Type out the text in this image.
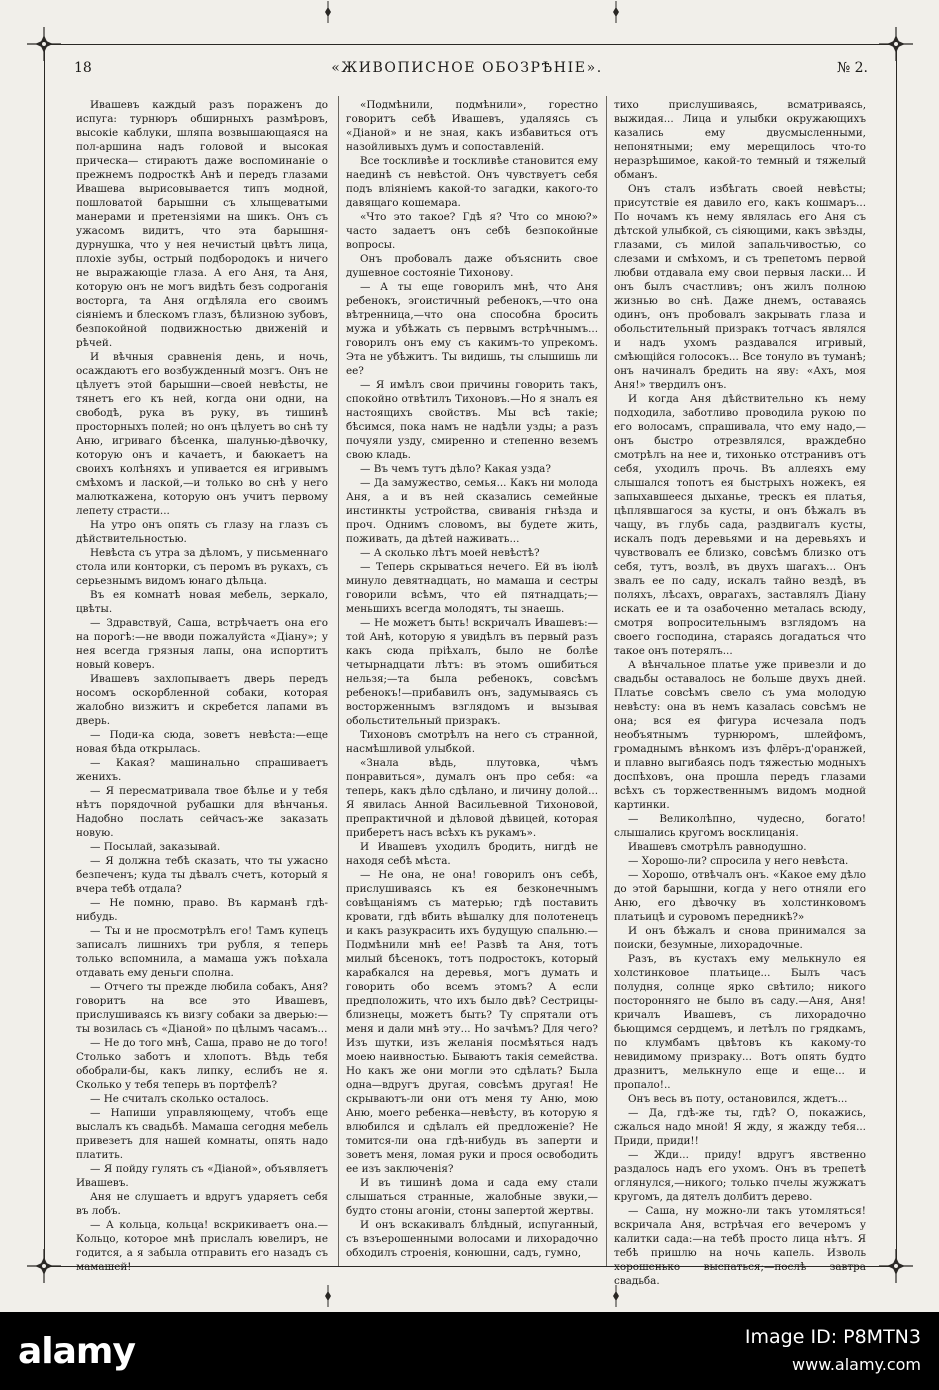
18	«ЖИВОПИСНОЕ ОБОЗРѢНІЕ».	№ 2.

Ивашевъ каждый разъ пораженъ до испуга: турнюръ обширныхъ размѣровъ, высокіе каблуки, шляпа возвышающаяся на пол-аршина надъ головой и высокая прическа— стираютъ даже воспоминаніе о прежнемъ подросткѣ Анѣ и передъ глазами Ивашева вырисовывается типъ модной, пошловатой барышни съ хлыщеватыми манерами и претензіями на шикъ. Онъ съ ужасомъ видитъ, что эта барышня-дурнушка, что у нея нечистый цвѣтъ лица, плохіе зубы, острый подбородокъ и ничего не выражающіе глаза. А его Аня, та Аня, которую онъ не могъ видѣть безъ содроганія восторга, та Аня огдѣляла его своимъ сіяніемъ и блескомъ глазъ, бѣлизною зубовъ, безпокойной подвижностью движеній и рѣчей.

И вѣчныя сравненія день, и ночь, осаждаютъ его возбужденный мозгъ. Онъ не цѣлуетъ этой барышни—своей невѣсты, не тянетъ его къ ней, когда они одни, на свободѣ, рука въ руку, въ тишинѣ просторныхъ полей; но онъ цѣлуетъ во снѣ ту Аню, игриваго бѣсенка, шалунью-дѣвочку, которую онъ и качаетъ, и баюкаетъ на своихъ колѣняхъ и упивается ея игривымъ смѣхомъ и лаской,—и только во снѣ у него малюткажена, которую онъ учитъ первому лепету страсти...

На утро онъ опять съ глазу на глазъ съ дѣйствительностью.

Невѣста съ утра за дѣломъ, у письменнаго стола или конторки, съ перомъ въ рукахъ, съ серьезнымъ видомъ юнаго дѣльца.

Въ ея комнатѣ новая мебель, зеркало, цвѣты.

— Здравствуй, Саша, встрѣчаетъ она его на порогѣ:—не вводи пожалуйста «Діану»; у нея всегда грязныя лапы, она испортитъ новый коверъ.

Ивашевъ захлопываетъ дверь передъ носомъ оскорбленной собаки, которая жалобно визжитъ и скребется лапами въ дверь.

— Поди-ка сюда, зоветъ невѣста:—еще новая бѣда открылась.

— Какая? машинально спрашиваетъ женихъ.

— Я пересматривала твое бѣлье и у тебя нѣтъ порядочной рубашки для вѣнчанья. Надобно послать сейчасъ-же заказать новую.

— Посылай, заказывай.

— Я должна тебѣ сказать, что ты ужасно безпеченъ; куда ты дѣвалъ счетъ, который я вчера тебѣ отдала?

— Не помню, право. Въ карманѣ гдѣ-нибудь.

— Ты и не просмотрѣлъ его! Тамъ купецъ записалъ лишнихъ три рубля, я теперь только вспомнила, а мамаша ужъ поѣхала отдавать ему деньги сполна.

— Отчего ты прежде любила собакъ, Аня? говоритъ на все это Ивашевъ, прислушиваясь къ визгу собаки за дверью:—ты возилась съ «Діаной» по цѣлымъ часамъ...

— Не до того мнѣ, Саша, право не до того! Столько заботъ и хлопотъ. Вѣдь тебя обобрали-бы, какъ липку, еслибъ не я. Сколько у тебя теперь въ портфелѣ?

— Не считалъ сколько осталось.

— Напиши управляющему, чтобъ еще выслалъ къ свадьбѣ. Мамаша сегодня мебель привезетъ для нашей комнаты, опять надо платить.

— Я пойду гулять съ «Діаной», объявляетъ Ивашевъ.

Аня не слушаетъ и вдругъ ударяетъ себя въ лобъ.

— А кольца, кольца! вскрикиваетъ она.— Кольцо, которое мнѣ прислалъ ювелиръ, не годится, а я забыла отправить его назадъ съ мамашей!

«Подмѣнили, подмѣнили», горестно говоритъ себѣ Ивашевъ, удаляясь съ «Діаной» и не зная, какъ избавиться отъ назойливыхъ думъ и сопоставленій.

Все тоскливѣе и тоскливѣе становится ему наединѣ съ невѣстой. Онъ чувствуетъ себя подъ вліяніемъ какой-то загадки, какого-то давящаго кошемара.

«Что это такое? Гдѣ я? Что со мною?» часто задаетъ онъ себѣ безпокойные вопросы.

Онъ пробовалъ даже объяснить свое душевное состояніе Тихонову.

— А ты еще говорилъ мнѣ, что Аня ребенокъ, эгоистичный ребенокъ,—что она вѣтренница,—что она способна бросить мужа и убѣжать съ первымъ встрѣчнымъ... говорилъ онъ ему съ какимъ-то упрекомъ. Эта не убѣжитъ. Ты видишь, ты слышишь ли ее?

— Я имѣлъ свои причины говорить такъ, спокойно отвѣтилъ Тихоновъ.—Но я зналъ ея настоящихъ свойствъ. Мы всѣ такіе; бѣсимся, пока намъ не надѣли узды; а разъ почуяли узду, смиренно и степенно веземъ свою кладь.

— Въ чемъ тутъ дѣло? Какая узда?

— Да замужество, семья... Какъ ни молода Аня, а и въ ней сказались семейные инстинкты устройства, свиванія гнѣзда и проч. Однимъ словомъ, вы будете жить, поживать, да дѣтей наживать...

— А сколько лѣтъ моей невѣстѣ?

— Теперь скрываться нечего. Ей въ іюлѣ минуло девятнадцать, но мамаша и сестры говорили всѣмъ, что ей пятнадцать;—меньшихъ всегда молодятъ, ты знаешь.

— Не можетъ быть! вскричалъ Ивашевъ:— той Анѣ, которую я увидѣлъ въ первый разъ какъ сюда пріѣхалъ, было не болѣе четырнадцати лѣтъ: въ этомъ ошибиться нельзя;—та была ребенокъ, совсѣмъ ребенокъ!—прибавилъ онъ, задумываясь съ восторженнымъ взглядомъ и вызывая обольстительный призракъ.

Тихоновъ смотрѣлъ на него съ странной, насмѣшливой улыбкой.

«Знала вѣдь, плутовка, чѣмъ понравиться», думалъ онъ про себя: «а теперь, какъ дѣло сдѣлано, и личину долой... Я явилась Анной Васильевной Тихоновой, препрактичной и дѣловой дѣвицей, которая приберетъ насъ всѣхъ къ рукамъ».

И Ивашевъ уходилъ бродить, нигдѣ не находя себѣ мѣста.

— Не она, не она! говорилъ онъ себѣ, прислушиваясь къ ея безконечнымъ совѣщаніямъ съ матерью; гдѣ поставить кровати, гдѣ вбить вѣшалку для полотенецъ и какъ разукрасить ихъ будущую спальню.—Подмѣнили мнѣ ее! Развѣ та Аня, тотъ милый бѣсенокъ, тотъ подростокъ, который карабкался на деревья, могъ думать и говорить обо всемъ этомъ? А если предположить, что ихъ было двѣ? Сестрицы-близнецы, можетъ быть? Ту спрятали отъ меня и дали мнѣ эту... Но зачѣмъ? Для чего? Изъ шутки, изъ желанія посмѣяться надъ моею наивностью. Бываютъ такія семейства. Но какъ же они могли это сдѣлать? Была одна—вдругъ другая, совсѣмъ другая! Не скрываютъ-ли они отъ меня ту Аню, мою Аню, моего ребенка—невѣсту, въ которую я влюбился и сдѣлалъ ей предложеніе? Не томится-ли она гдѣ-нибудь въ заперти и зоветъ меня, ломая руки и прося освободить ее изъ заключенія?

И въ тишинѣ дома и сада ему стали слышаться странные, жалобные звуки,—будто стоны агоніи, стоны запертой жертвы.

И онъ вскакивалъ блѣдный, испуганный, съ взъерошенными волосами и лихорадочно обходилъ строенія, конюшни, садъ, гумно,

тихо прислушиваясь, всматриваясь, выжидая... Лица и улыбки окружающихъ казались ему двусмысленными, непонятными; ему мерещилось что-то неразрѣшимое, какой-то темный и тяжелый обманъ.

Онъ сталъ избѣгать своей невѣсты; присутствіе ея давило его, какъ кошмаръ... По ночамъ къ нему являлась его Аня съ дѣтской улыбкой, съ сіяющими, какъ звѣзды, глазами, съ милой запальчивостью, со слезами и смѣхомъ, и съ трепетомъ первой любви отдавала ему свои первыя ласки... И онъ былъ счастливъ; онъ жилъ полною жизнью во снѣ. Даже днемъ, оставаясь одинъ, онъ пробовалъ закрывать глаза и обольстительный призракъ тотчасъ являлся и надъ ухомъ раздавался игривый, смѣющійся голосокъ... Все тонуло въ туманѣ; онъ начиналъ бредить на яву: «Ахъ, моя Аня!» твердилъ онъ.

И когда Аня дѣйствительно къ нему подходила, заботливо проводила рукою по его волосамъ, спрашивала, что ему надо,—онъ быстро отрезвлялся, враждебно смотрѣлъ на нее и, тихонько отстранивъ отъ себя, уходилъ прочь. Въ аллеяхъ ему слышался топотъ ея быстрыхъ ножекъ, ея запыхавшееся дыханье, трескъ ея платья, цѣплявшагося за кусты, и онъ бѣжалъ въ чащу, въ глубь сада, раздвигалъ кусты, искалъ подъ деревьями и на деревьяхъ и чувствовалъ ее близко, совсѣмъ близко отъ себя, тутъ, возлѣ, въ двухъ шагахъ... Онъ звалъ ее по саду, искалъ тайно вездѣ, въ поляхъ, лѣсахъ, оврагахъ, заставлялъ Діану искать ее и та озабоченно металась всюду, смотря вопросительнымъ взглядомъ на своего господина, стараясь догадаться что такое онъ потерялъ...

А вѣнчальное платье уже привезли и до свадьбы оставалось не больше двухъ дней. Платье совсѣмъ свело съ ума молодую невѣсту: она въ немъ казалась совсѣмъ не она; вся ея фигура исчезала подъ необъятнымъ турнюромъ, шлейфомъ, громаднымъ вѣнкомъ изъ флёръ-д'оранжей, и плавно выгибаясь подъ тяжестью модныхъ доспѣховъ, она прошла передъ глазами всѣхъ съ торжественнымъ видомъ модной картинки.

— Великолѣпно, чудесно, богато! слышались кругомъ восклицанія.

Ивашевъ смотрѣлъ равнодушно.

— Хорошо-ли? спросила у него невѣста.

— Хорошо, отвѣчалъ онъ. «Какое ему дѣло до этой барышни, когда у него отняли его Аню, его дѣвочку въ холстинковомъ платьицѣ и суровомъ передникѣ?»

И онъ бѣжалъ и снова принимался за поиски, безумные, лихорадочные.

Разъ, въ кустахъ ему мелькнуло ея холстинковое платьице... Былъ часъ полудня, солнце ярко свѣтило; никого посторонняго не было въ саду.—Аня, Аня! кричалъ Ивашевъ, съ лихорадочно бьющимся сердцемъ, и летѣлъ по грядкамъ, по клумбамъ цвѣтовъ къ какому-то невидимому призраку... Вотъ опять будто дразнитъ, мелькнуло еще и еще... и пропало!..

Онъ весь въ поту, остановился, ждетъ...

— Да, гдѣ-же ты, гдѣ? О, покажись, сжалься надо мной! Я жду, я жажду тебя... Приди, приди!!

— Жди... приду! вдругъ явственно раздалось надъ его ухомъ. Онъ въ трепетѣ оглянулся,—никого; только пчелы жужжатъ кругомъ, да дятелъ долбитъ дерево.

— Саша, ну можно-ли такъ утомляться! вскричала Аня, встрѣчая его вечеромъ у калитки сада:—на тебѣ просто лица нѣтъ. Я тебѣ пришлю на ночь капель. Изволь хорошенько выспаться;—послѣ завтра свадьба.

alamy	Image ID: P8MTN3
www.alamy.com
